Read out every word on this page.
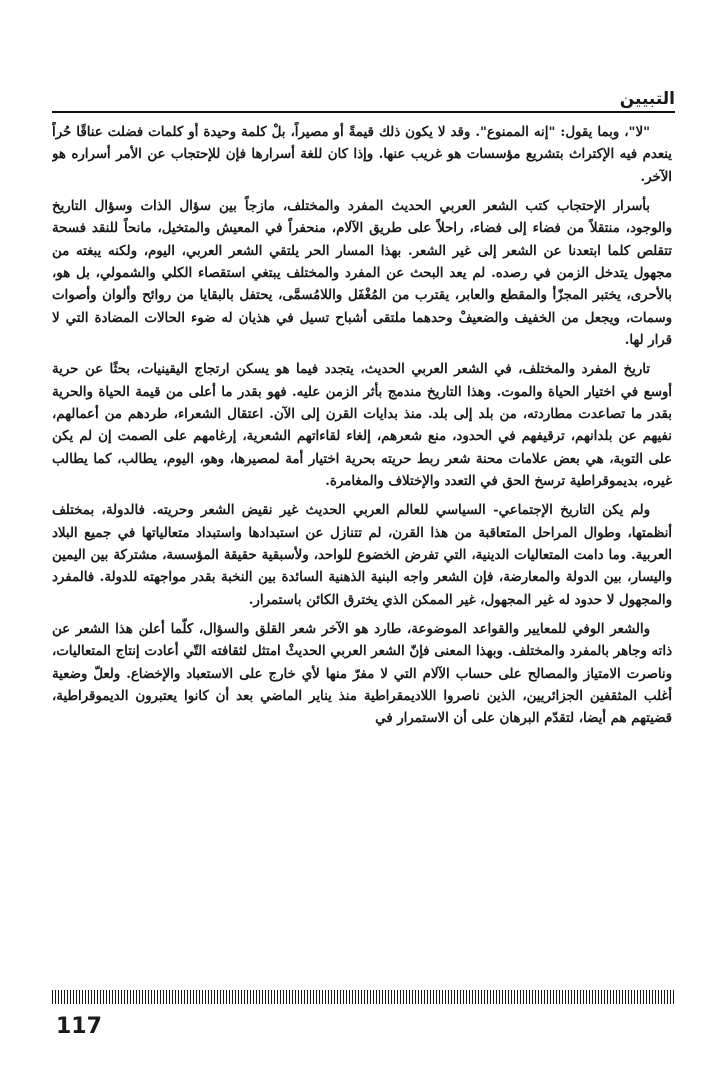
التبيين

"لا"، وبما يقول: "إنه الممنوع". وقد لا يكون ذلك قيمةً أو مصيراً، بلْ كلمة وحيدة أو كلمات فضلت عناقًا حُراً ينعدم فيه الإكتراث بتشريع مؤسسات هو غريب عنها. وإذا كان للغة أسرارها فإن للإحتجاب عن الأمر أسراره هو الآخر.

بأسرار الإحتجاب كتب الشعر العربي الحديث المفرد والمختلف، مازجاً بين سؤال الذات وسؤال التاريخ والوجود، منتقلاً من فضاء إلى فضاء، راحلاً على طريق الآلام، منحفراً في المعيش والمتخيل، مانحاً للنقد فسحة تتقلص كلما ابتعدنا عن الشعر إلى غير الشعر. بهذا المسار الحر يلتقي الشعر العربي، اليوم، ولكنه يبغته من مجهول يتدخل الزمن في رصده. لم يعد البحث عن المفرد والمختلف يبتغي استقصاء الكلي والشمولي، بل هو، بالأحرى، يختبر المجزّأ والمقطع والعابر، يقترب من المُغْفَل واللامُسمَّى، يحتفل بالبقايا من روائح وألوان وأصوات وسمات، ويجعل من الخفيف والضعيفْ وحدهما ملتقى أشباح تسيل في هذيان له ضوء الحالات المضادة التي لا قرار لها.

تاريخ المفرد والمختلف، في الشعر العربي الحديث، يتجدد فيما هو يسكن ارتجاج اليقينيات، بحثًا عن حرية أوسع في اختيار الحياة والموت. وهذا التاريخ مندمج بأثر الزمن عليه. فهو بقدر ما أعلى من قيمة الحياة والحرية بقدر ما تصاعدت مطاردته، من بلد إلى بلد. منذ بدايات القرن إلى الآن. اعتقال الشعراء، طردهم من أعمالهم، نفيهم عن بلدانهم، ترقيفهم في الحدود، منع شعرهم، إلغاء لقاءاتهم الشعرية، إرغامهم على الصمت إن لم يكن على التوبة، هي بعض علامات محنة شعر ربط حريته بحرية اختيار أمة لمصيرها، وهو، اليوم، يطالب، كما يطالب غيره، بديموقراطية ترسخ الحق في التعدد والإختلاف والمغامرة.

ولم يكن التاريخ الإجتماعي- السياسي للعالم العربي الحديث غير نقيض الشعر وحريته. فالدولة، بمختلف أنظمتها، وطوال المراحل المتعاقبة من هذا القرن، لم تتنازل عن استبدادها واستبداد متعالياتها في جميع البلاد العربية. وما دامت المتعاليات الدينية، التي تفرض الخضوع للواحد، ولأسبقية حقيقة المؤسسة، مشتركة بين اليمين واليسار، بين الدولة والمعارضة، فإن الشعر واجه البنية الذهنية السائدة بين النخبة بقدر مواجهته للدولة. فالمفرد والمجهول لا حدود له غير المجهول، غير الممكن الذي يخترق الكائن باستمرار.

والشعر الوفي للمعايير والقواعد الموضوعة، طارد هو الآخر شعر القلق والسؤال، كلّما أعلن هذا الشعر عن ذاته وجاهر بالمفرد والمختلف. وبهذا المعنى فإنّ الشعر العربي الحديثْ امتثل لثقافته التّي أعادت إنتاج المتعاليات، وناصرت الامتياز والمصالح على حساب الآلام التي لا مفرّ منها لأي خارج على الاستعباد والإخضاع. ولعلّ وضعية أغلب المثقفين الجزائريين، الذين ناصروا اللاديمقراطية منذ يناير الماضي بعد أن كانوا يعتبرون الديموقراطية، قضيتهم هم أيضا، لتقدّم البرهان على أن الاستمرار في

117
